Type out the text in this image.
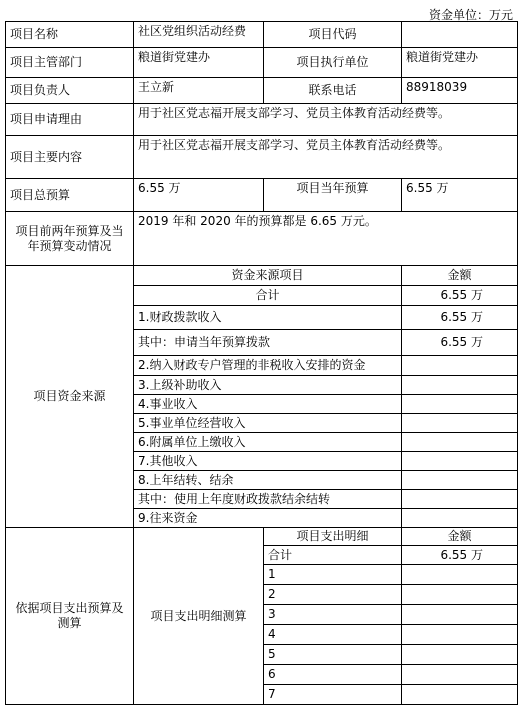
资金单位：万元
项目名称	社区党组织活动经费	项目代码	
项目主管部门	粮道街党建办	项目执行单位	粮道街党建办
项目负责人	王立新	联系电话	88918039
项目申请理由	用于社区党志福开展支部学习、党员主体教育活动经费等。		
项目主要内容	用于社区党志福开展支部学习、党员主体教育活动经费等。		
项目总预算	6.55 万	项目当年预算	6.55 万
项目前两年预算及当年预算变动情况	2019 年和 2020 年的预算都是 6.65 万元。		
项目资金来源	资金来源项目		金额
	合计		6.55 万
	1.财政拨款收入		6.55 万
	其中：申请当年预算拨款		6.55 万
	2.纳入财政专户管理的非税收入安排的资金		
	3.上级补助收入		
	4.事业收入		
	5.事业单位经营收入		
	6.附属单位上缴收入		
	7.其他收入		
	8.上年结转、结余		
	其中：使用上年度财政拨款结余结转		
	9.往来资金		
依据项目支出预算及测算	项目支出明细测算	项目支出明细	金额
		合计	6.55 万
		1	
		2	
		3	
		4	
		5	
		6	
		7	
